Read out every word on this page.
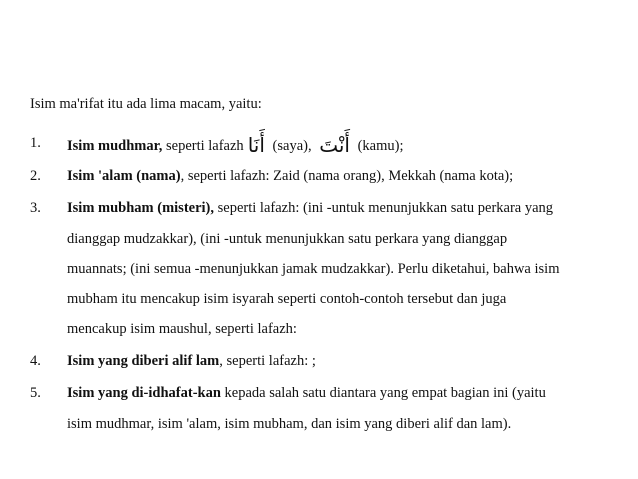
Isim ma'rifat itu ada lima macam, yaitu:
1.	Isim mudhmar, seperti lafazh أَنَا (saya), أَنْتَ (kamu);
2.	Isim 'alam (nama), seperti lafazh: Zaid (nama orang), Mekkah (nama kota);
3.	Isim mubham (misteri), seperti lafazh: (ini -untuk menunjukkan satu perkara yang
dianggap mudzakkar), (ini -untuk menunjukkan satu perkara yang dianggap
muannats; (ini semua -menunjukkan jamak mudzakkar). Perlu diketahui, bahwa isim
mubham itu mencakup isim isyarah seperti contoh-contoh tersebut dan juga
mencakup isim maushul, seperti lafazh:
4.	Isim yang diberi alif lam, seperti lafazh: ;
5.	Isim yang di-idhafat-kan kepada salah satu diantara yang empat bagian ini (yaitu
isim mudhmar, isim 'alam, isim mubham, dan isim yang diberi alif dan lam).
